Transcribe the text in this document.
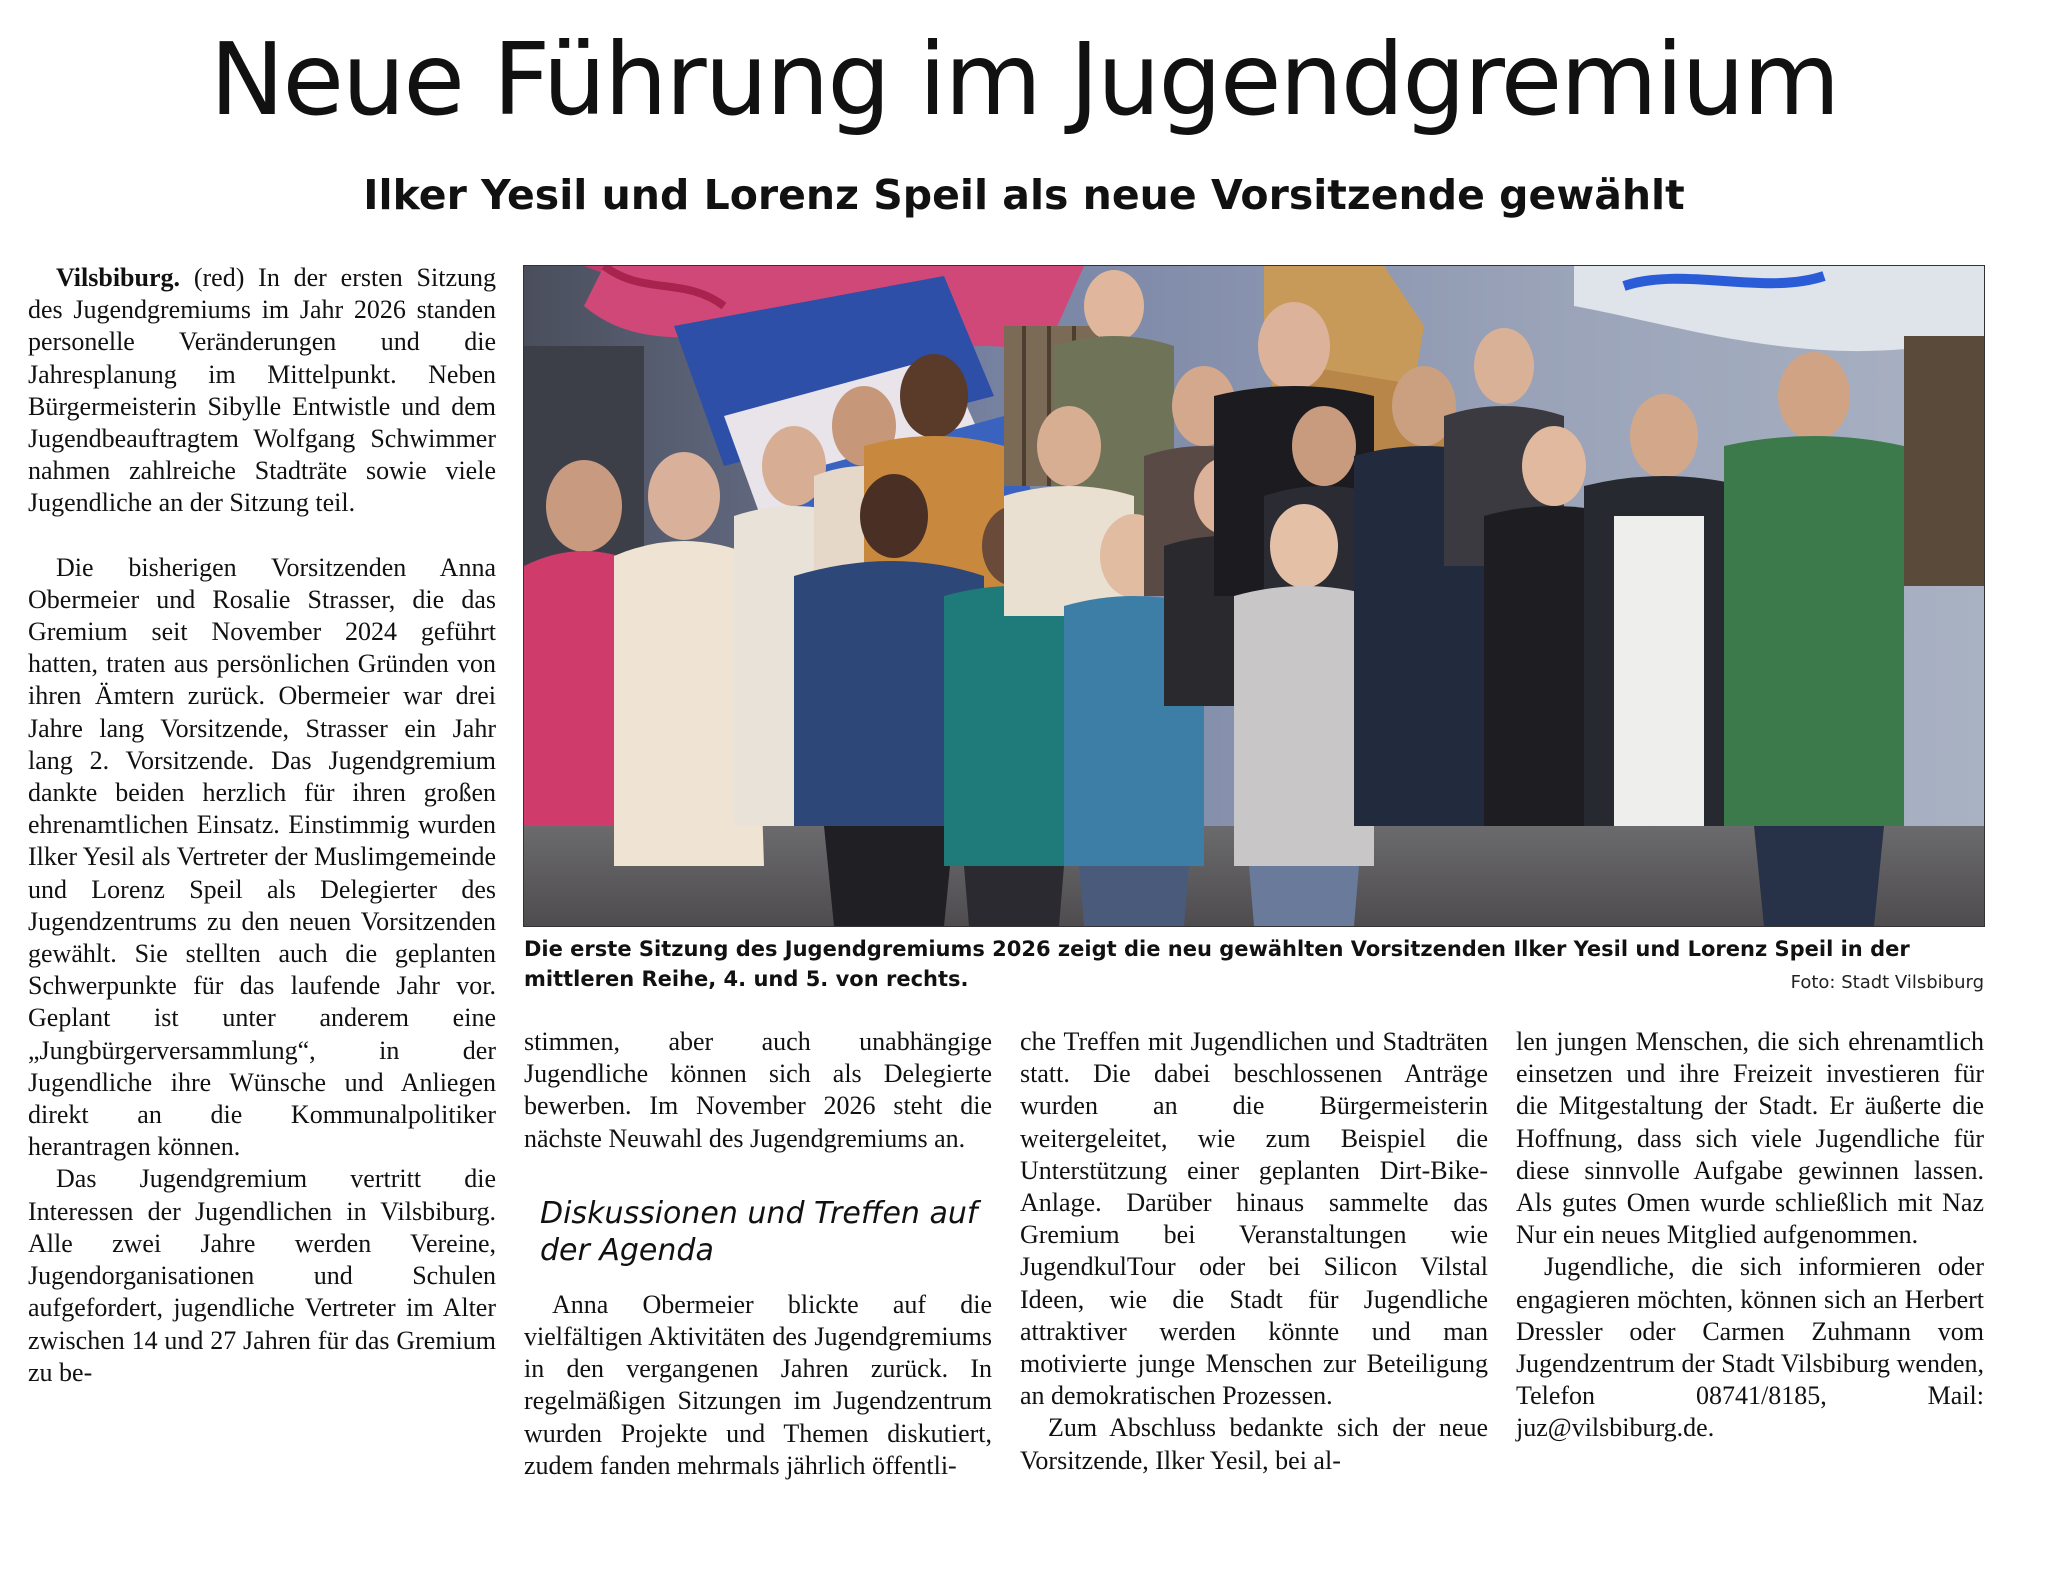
Neue Führung im Jugendgremium
Ilker Yesil und Lorenz Speil als neue Vorsitzende gewählt

Vilsbiburg. (red) In der ersten Sitzung des Jugendgremiums im Jahr 2026 standen personelle Veränderungen und die Jahresplanung im Mittelpunkt. Neben Bürgermeisterin Sibylle Entwistle und dem Jugendbeauftragtem Wolfgang Schwimmer nahmen zahlreiche Stadträte sowie viele Jugendliche an der Sitzung teil.

Die bisherigen Vorsitzenden Anna Obermeier und Rosalie Strasser, die das Gremium seit November 2024 geführt hatten, traten aus persönlichen Gründen von ihren Ämtern zurück. Obermeier war drei Jahre lang Vorsitzende, Strasser ein Jahr lang 2. Vorsitzende. Das Jugendgremium dankte beiden herzlich für ihren großen ehrenamtlichen Einsatz. Einstimmig wurden Ilker Yesil als Vertreter der Muslimgemeinde und Lorenz Speil als Delegierter des Jugendzentrums zu den neuen Vorsitzenden gewählt. Sie stellten auch die geplanten Schwerpunkte für das laufende Jahr vor. Geplant ist unter anderem eine „Jungbürgerversammlung“, in der Jugendliche ihre Wünsche und Anliegen direkt an die Kommunalpolitiker herantragen können.

Das Jugendgremium vertritt die Interessen der Jugendlichen in Vilsbiburg. Alle zwei Jahre werden Vereine, Jugendorganisationen und Schulen aufgefordert, jugendliche Vertreter im Alter zwischen 14 und 27 Jahren für das Gremium zu be-

Die erste Sitzung des Jugendgremiums 2026 zeigt die neu gewählten Vorsitzenden Ilker Yesil und Lorenz Speil in der mittleren Reihe, 4. und 5. von rechts.	Foto: Stadt Vilsbiburg

stimmen, aber auch unabhängige Jugendliche können sich als Delegierte bewerben. Im November 2026 steht die nächste Neuwahl des Jugendgremiums an.

Diskussionen und Treffen auf der Agenda

Anna Obermeier blickte auf die vielfältigen Aktivitäten des Jugendgremiums in den vergangenen Jahren zurück. In regelmäßigen Sitzungen im Jugendzentrum wurden Projekte und Themen diskutiert, zudem fanden mehrmals jährlich öffentli-

che Treffen mit Jugendlichen und Stadträten statt. Die dabei beschlossenen Anträge wurden an die Bürgermeisterin weitergeleitet, wie zum Beispiel die Unterstützung einer geplanten Dirt-Bike-Anlage. Darüber hinaus sammelte das Gremium bei Veranstaltungen wie JugendkulTour oder bei Silicon Vilstal Ideen, wie die Stadt für Jugendliche attraktiver werden könnte und man motivierte junge Menschen zur Beteiligung an demokratischen Prozessen.

Zum Abschluss bedankte sich der neue Vorsitzende, Ilker Yesil, bei al-

len jungen Menschen, die sich ehrenamtlich einsetzen und ihre Freizeit investieren für die Mitgestaltung der Stadt. Er äußerte die Hoffnung, dass sich viele Jugendliche für diese sinnvolle Aufgabe gewinnen lassen. Als gutes Omen wurde schließlich mit Naz Nur ein neues Mitglied aufgenommen.

Jugendliche, die sich informieren oder engagieren möchten, können sich an Herbert Dressler oder Carmen Zuhmann vom Jugendzentrum der Stadt Vilsbiburg wenden, Telefon 08741/8185, Mail: juz@vilsbiburg.de.
